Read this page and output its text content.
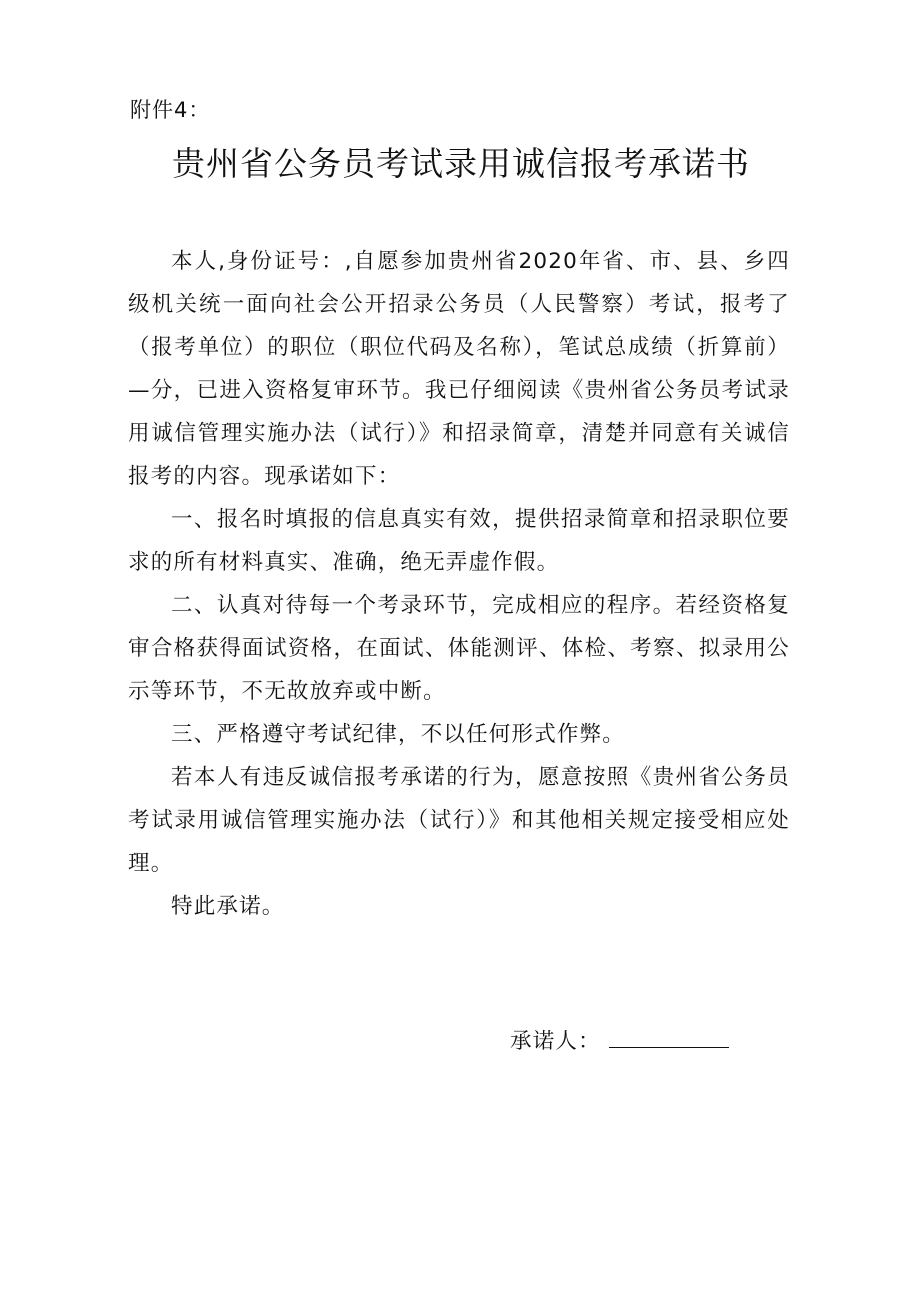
附件4：
贵州省公务员考试录用诚信报考承诺书

本人,身份证号：,自愿参加贵州省2020年省、市、县、乡四级机关统一面向社会公开招录公务员（人民警察）考试，报考了（报考单位）的职位（职位代码及名称），笔试总成绩（折算前）—分，已进入资格复审环节。我已仔细阅读《贵州省公务员考试录用诚信管理实施办法（试行）》和招录简章，清楚并同意有关诚信报考的内容。现承诺如下：

一、报名时填报的信息真实有效，提供招录简章和招录职位要求的所有材料真实、准确，绝无弄虚作假。

二、认真对待每一个考录环节，完成相应的程序。若经资格复审合格获得面试资格，在面试、体能测评、体检、考察、拟录用公示等环节，不无故放弃或中断。

三、严格遵守考试纪律，不以任何形式作弊。

若本人有违反诚信报考承诺的行为，愿意按照《贵州省公务员考试录用诚信管理实施办法（试行）》和其他相关规定接受相应处理。

特此承诺。

承诺人：
